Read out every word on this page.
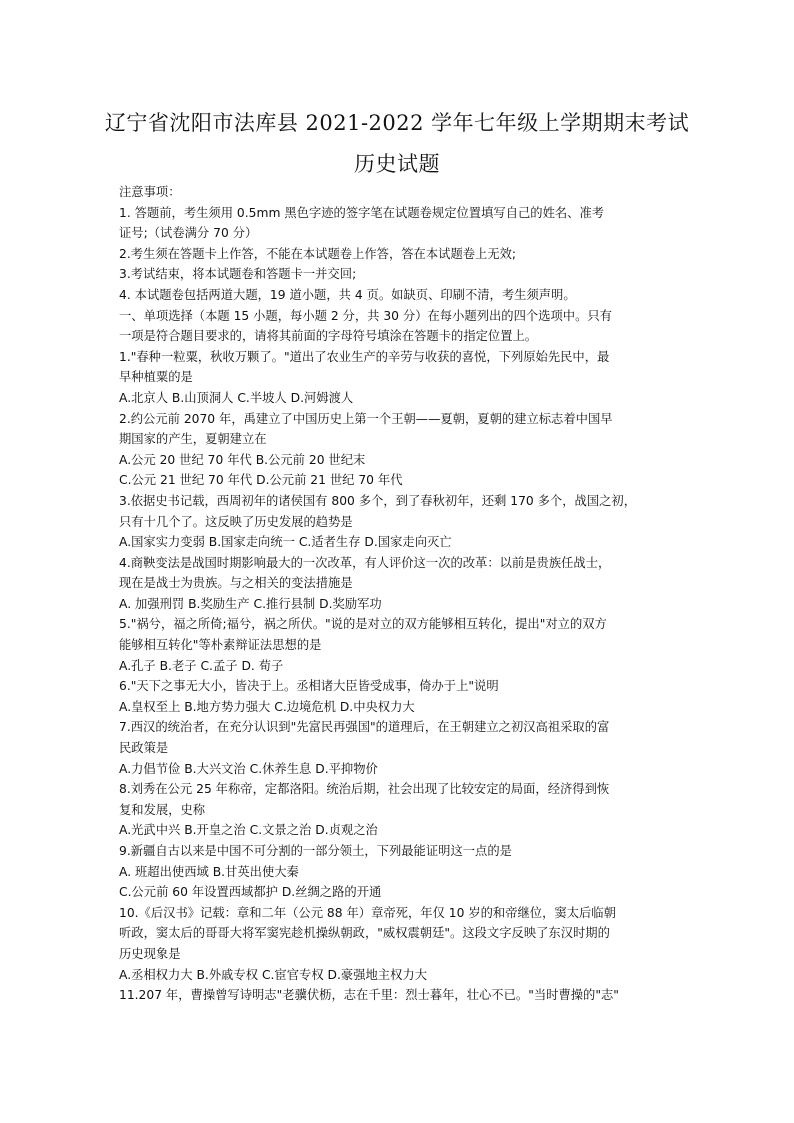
辽宁省沈阳市法库县 2021-2022 学年七年级上学期期末考试
历史试题
注意事项：
1. 答题前，考生须用 0.5mm 黑色字迹的签字笔在试题卷规定位置填写自己的姓名、准考
证号;（试卷满分 70 分）
2.考生须在答题卡上作答，不能在本试题卷上作答，答在本试题卷上无效;
3.考试结束，将本试题卷和答题卡一并交回;
4. 本试题卷包括两道大题，19 道小题，共 4 页。如缺页、印刷不清，考生须声明。
一、单项选择（本题 15 小题，每小题 2 分，共 30 分）在每小题列出的四个选项中。只有
一项是符合题目要求的，请将其前面的字母符号填涂在答题卡的指定位置上。
1."春种一粒粟，秋收万颗了。"道出了农业生产的辛劳与收获的喜悦，下列原始先民中，最
早种植粟的是
A.北京人 B.山顶洞人 C.半坡人 D.河姆渡人
2.约公元前 2070 年，禹建立了中国历史上第一个王朝——夏朝，夏朝的建立标志着中国早
期国家的产生，夏朝建立在
A.公元 20 世纪 70 年代 B.公元前 20 世纪末
C.公元 21 世纪 70 年代 D.公元前 21 世纪 70 年代
3.依据史书记载，西周初年的诸侯国有 800 多个，到了春秋初年，还剩 170 多个，战国之初，
只有十几个了。这反映了历史发展的趋势是
A.国家实力变弱 B.国家走向统一 C.适者生存 D.国家走向灭亡
4.商鞅变法是战国时期影响最大的一次改革，有人评价这一次的改革：以前是贵族任战士，
现在是战士为贵族。与之相关的变法措施是
A. 加强刑罚 B.奖励生产 C.推行县制 D.奖励军功
5."祸兮，福之所倚;福兮，祸之所伏。"说的是对立的双方能够相互转化，提出"对立的双方
能够相互转化"等朴素辩证法思想的是
A.孔子 B.老子 C.孟子 D. 荀子
6."天下之事无大小，皆决于上。丞相诸大臣皆受成事，倚办于上"说明
A.皇权至上 B.地方势力强大 C.边境危机 D.中央权力大
7.西汉的统治者，在充分认识到"先富民再强国"的道理后，在王朝建立之初汉高祖采取的富
民政策是
A.力倡节俭 B.大兴文治 C.休养生息 D.平抑物价
8.刘秀在公元 25 年称帝，定都洛阳。统治后期，社会出现了比较安定的局面，经济得到恢
复和发展，史称
A.光武中兴 B.开皇之治 C.文景之治 D.贞观之治
9.新疆自古以来是中国不可分割的一部分领土，下列最能证明这一点的是
A. 班超出使西域 B.甘英出使大秦
C.公元前 60 年设置西域都护 D.丝绸之路的开通
10.《后汉书》记载：章和二年（公元 88 年）章帝死，年仅 10 岁的和帝继位，窦太后临朝
听政，窦太后的哥哥大将军窦宪趁机操纵朝政，"威权震朝廷"。这段文字反映了东汉时期的
历史现象是
A.丞相权力大 B.外戚专权 C.宦官专权 D.豪强地主权力大
11.207 年，曹操曾写诗明志"老骥伏枥，志在千里：烈士暮年，壮心不已。"当时曹操的"志"
